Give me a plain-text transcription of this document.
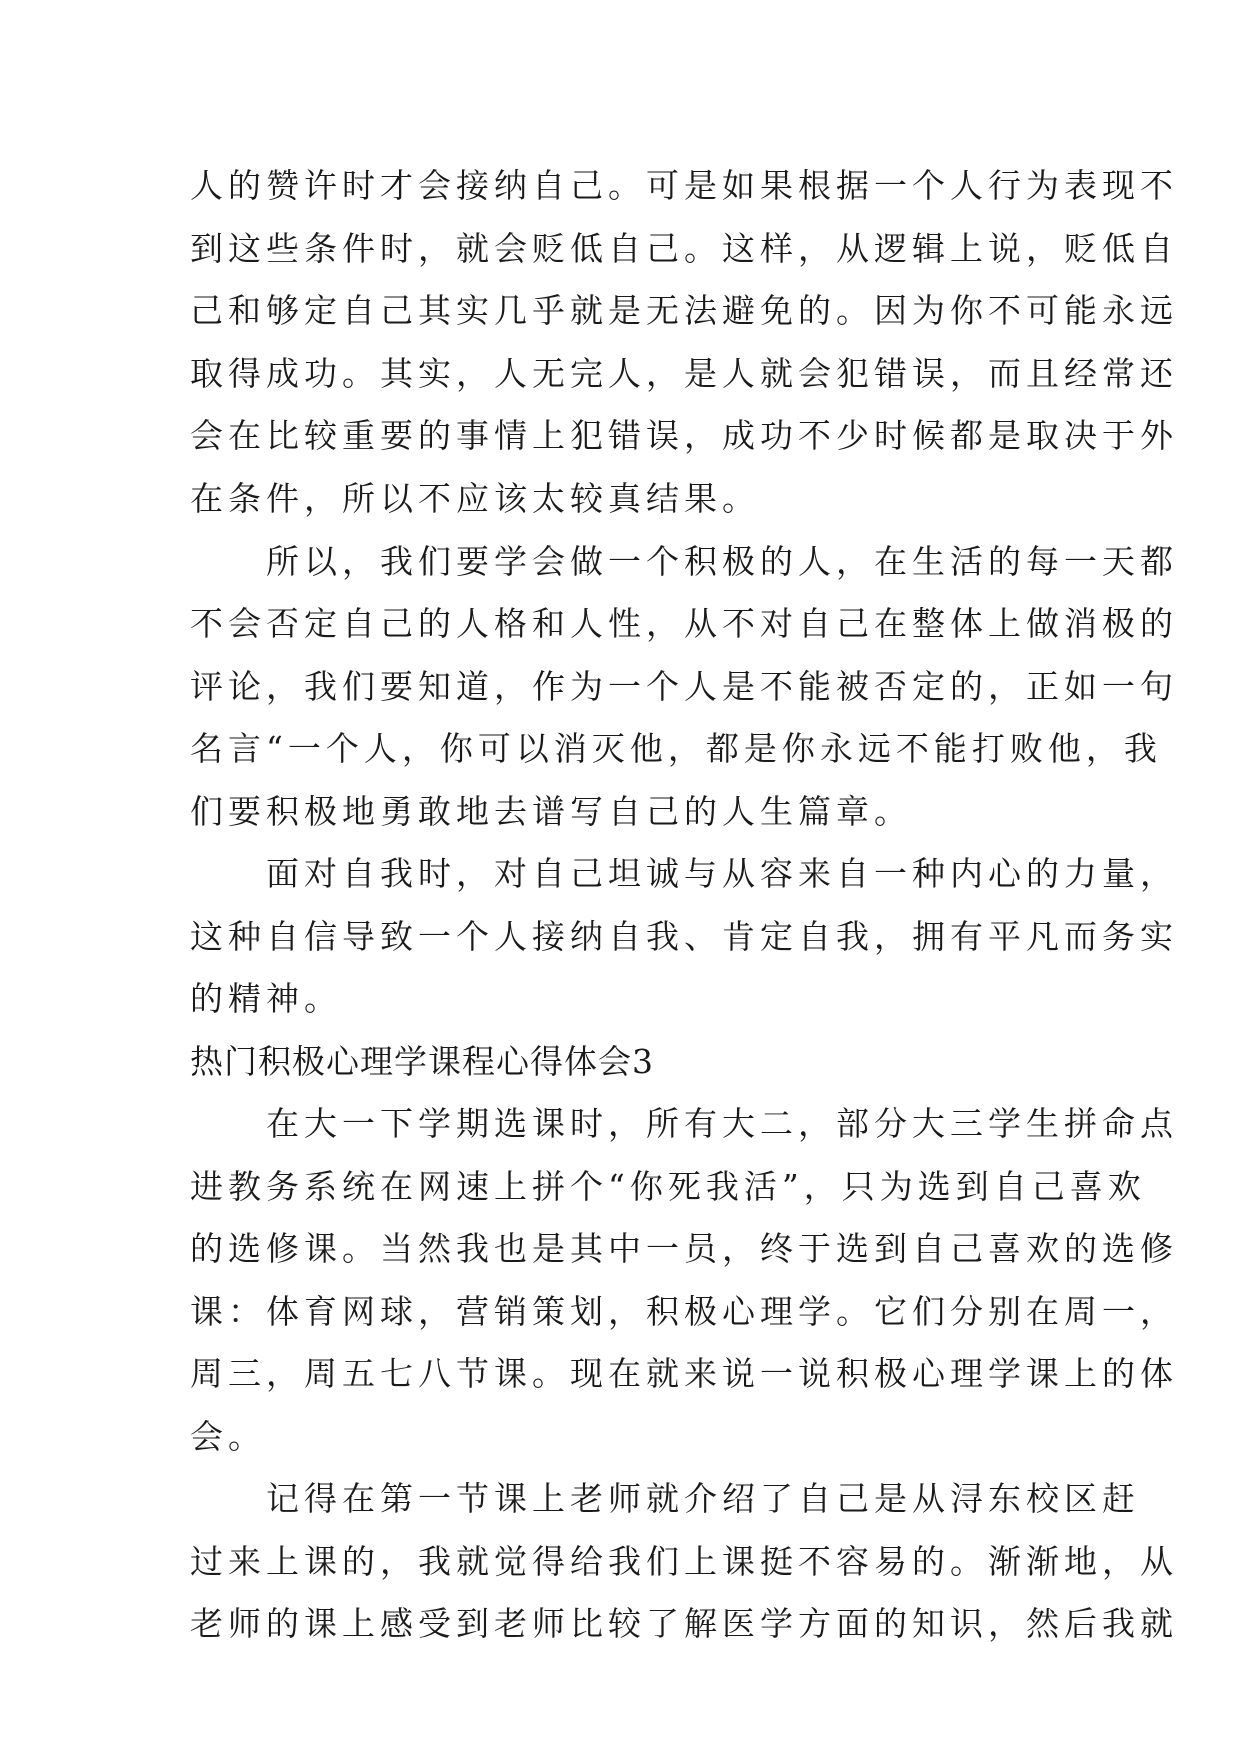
人的赞许时才会接纳自己。可是如果根据一个人行为表现不
到这些条件时，就会贬低自己。这样，从逻辑上说，贬低自
己和够定自己其实几乎就是无法避免的。因为你不可能永远
取得成功。其实，人无完人，是人就会犯错误，而且经常还
会在比较重要的事情上犯错误，成功不少时候都是取决于外
在条件，所以不应该太较真结果。
　　所以，我们要学会做一个积极的人，在生活的每一天都
不会否定自己的人格和人性，从不对自己在整体上做消极的
评论，我们要知道，作为一个人是不能被否定的，正如一句
名言“一个人，你可以消灭他，都是你永远不能打败他，我
们要积极地勇敢地去谱写自己的人生篇章。
　　面对自我时，对自己坦诚与从容来自一种内心的力量，
这种自信导致一个人接纳自我、肯定自我，拥有平凡而务实
的精神。
热门积极心理学课程心得体会3
　　在大一下学期选课时，所有大二，部分大三学生拼命点
进教务系统在网速上拼个“你死我活”，只为选到自己喜欢
的选修课。当然我也是其中一员，终于选到自己喜欢的选修
课：体育网球，营销策划，积极心理学。它们分别在周一，
周三，周五七八节课。现在就来说一说积极心理学课上的体
会。
　　记得在第一节课上老师就介绍了自己是从浔东校区赶
过来上课的，我就觉得给我们上课挺不容易的。渐渐地，从
老师的课上感受到老师比较了解医学方面的知识，然后我就
